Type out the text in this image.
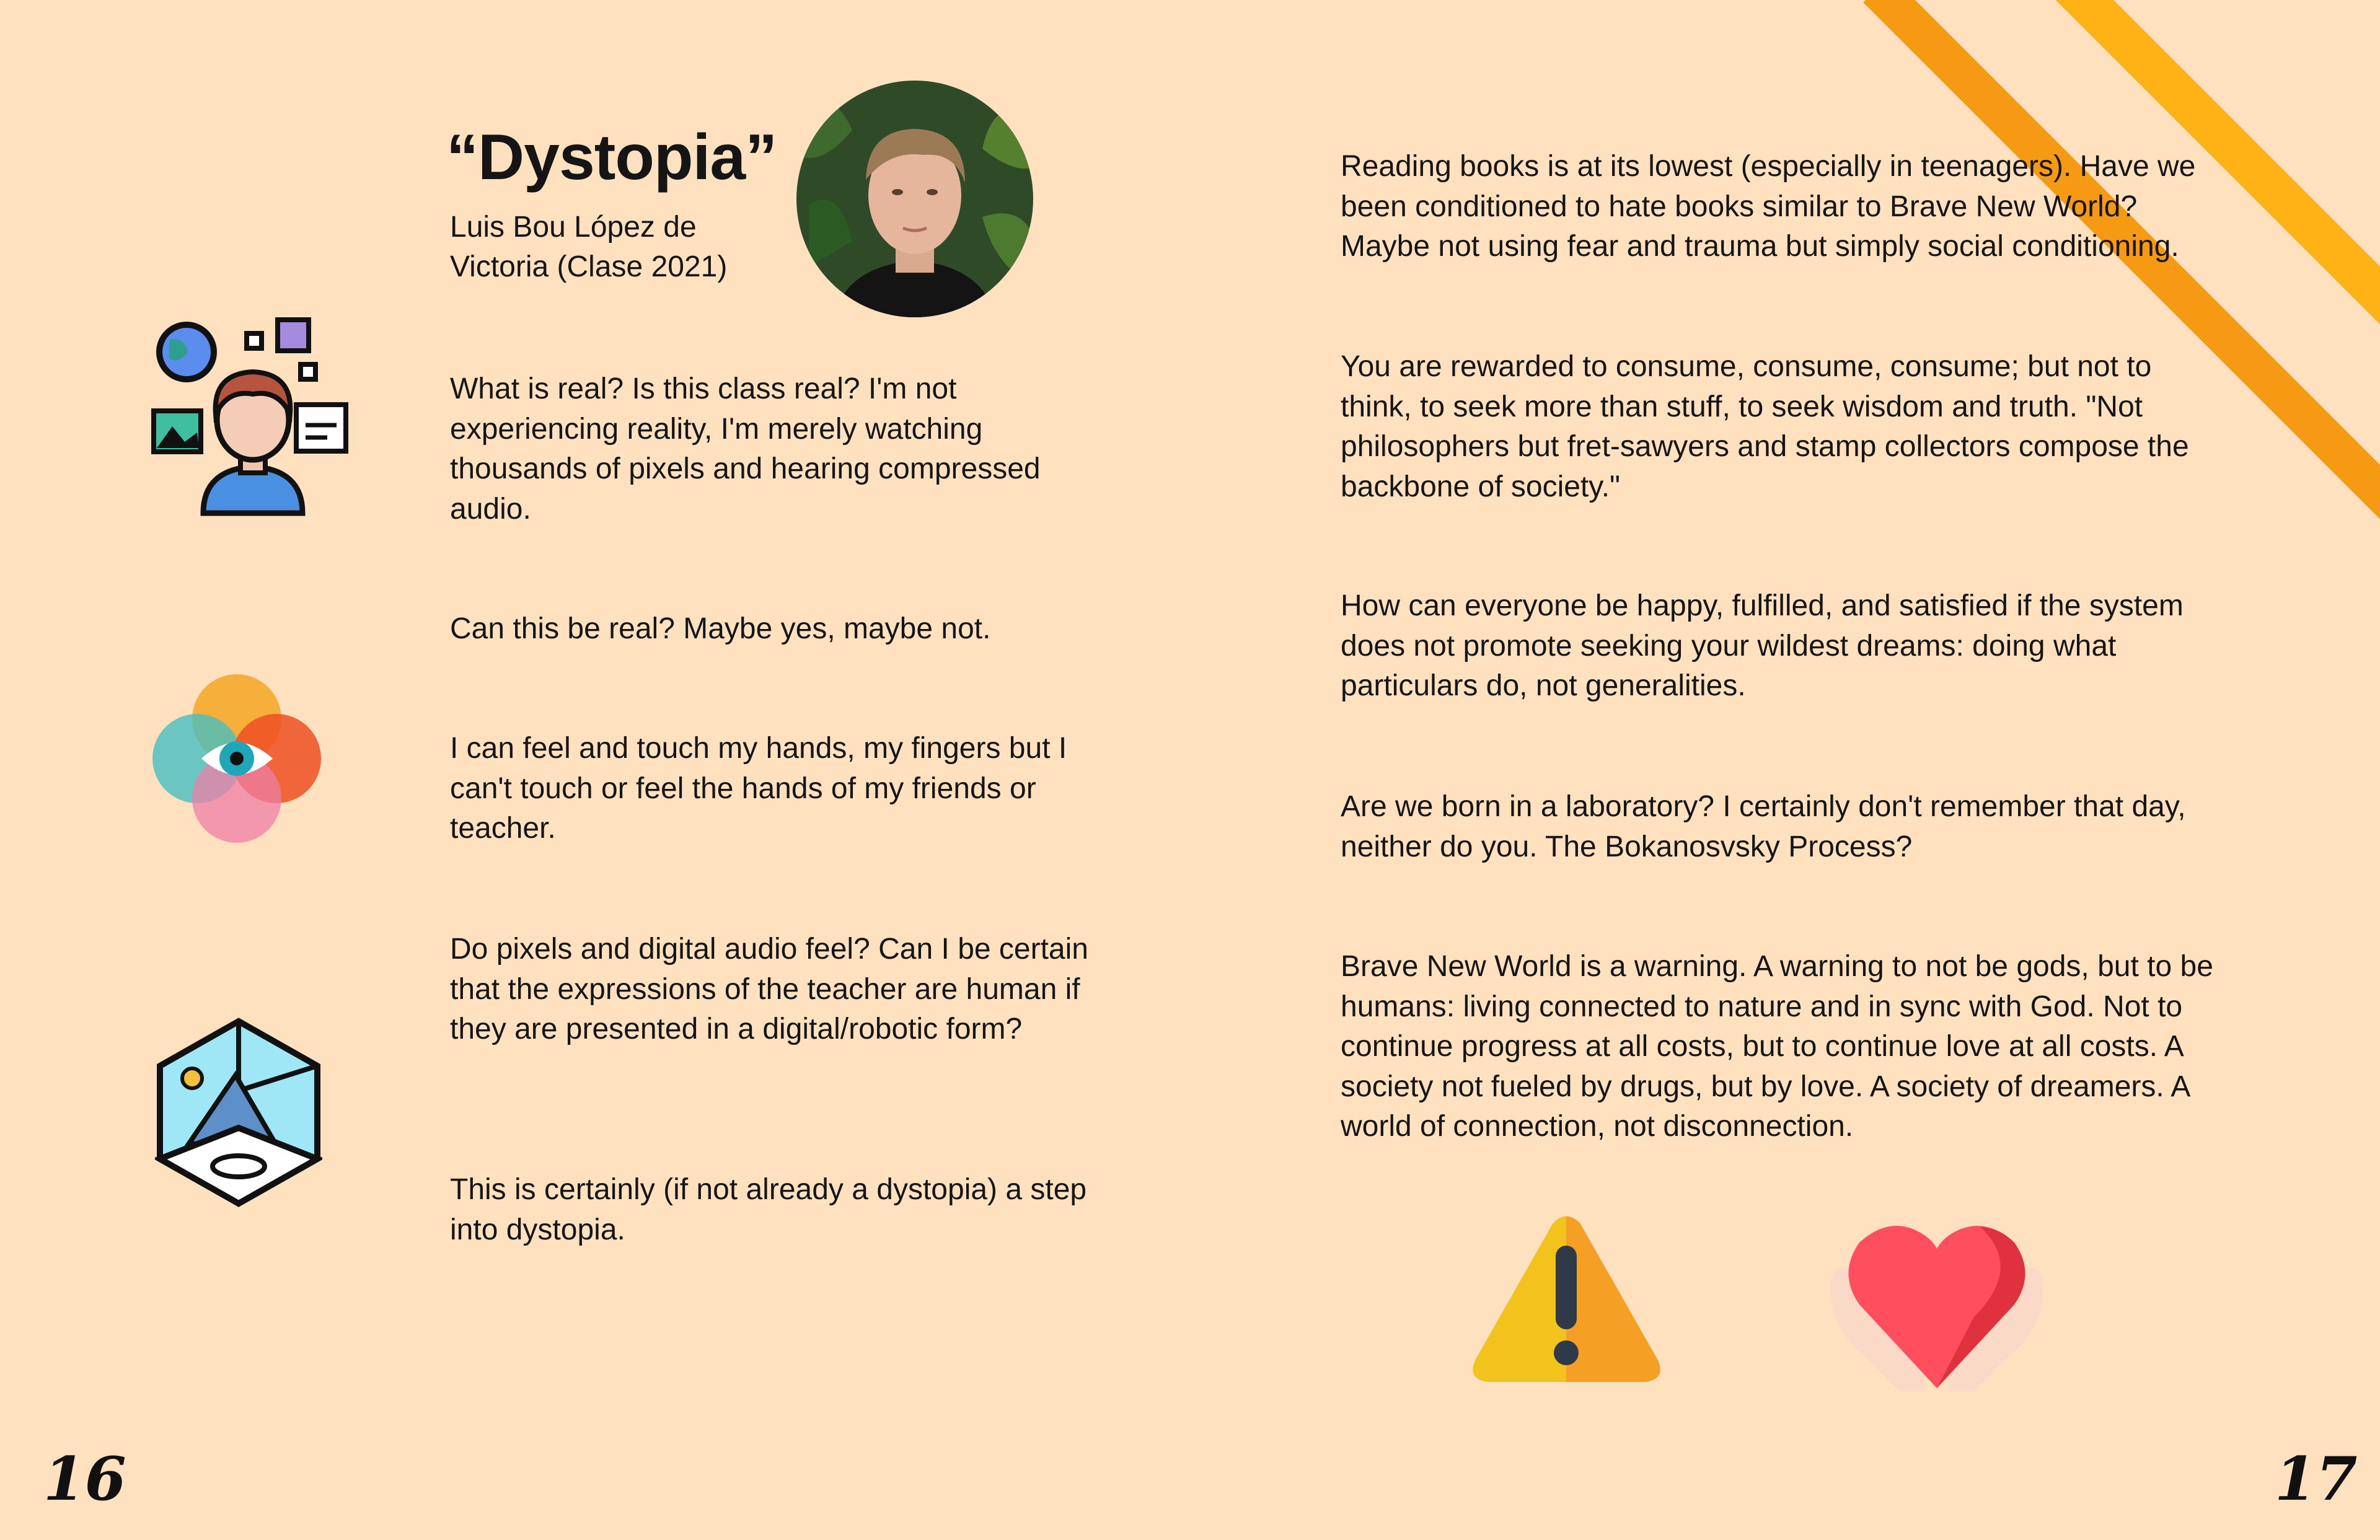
“Dystopia”
Luis Bou López de
Victoria (Clase 2021)

What is real? Is this class real? I'm not experiencing reality, I'm merely watching thousands of pixels and hearing compressed audio.

Can this be real? Maybe yes, maybe not.

I can feel and touch my hands, my fingers but I can't touch or feel the hands of my friends or teacher.

Do pixels and digital audio feel? Can I be certain that the expressions of the teacher are human if they are presented in a digital/robotic form?

This is certainly (if not already a dystopia) a step into dystopia.

Reading books is at its lowest (especially in teenagers). Have we been conditioned to hate books similar to Brave New World? Maybe not using fear and trauma but simply social conditioning.

You are rewarded to consume, consume, consume; but not to think, to seek more than stuff, to seek wisdom and truth. "Not philosophers but fret-sawyers and stamp collectors compose the backbone of society."

How can everyone be happy, fulfilled, and satisfied if the system does not promote seeking your wildest dreams: doing what particulars do, not generalities.

Are we born in a laboratory? I certainly don't remember that day, neither do you. The Bokanosvsky Process?

Brave New World is a warning. A warning to not be gods, but to be humans: living connected to nature and in sync with God. Not to continue progress at all costs, but to continue love at all costs. A society not fueled by drugs, but by love. A society of dreamers. A world of connection, not disconnection.

16	17
